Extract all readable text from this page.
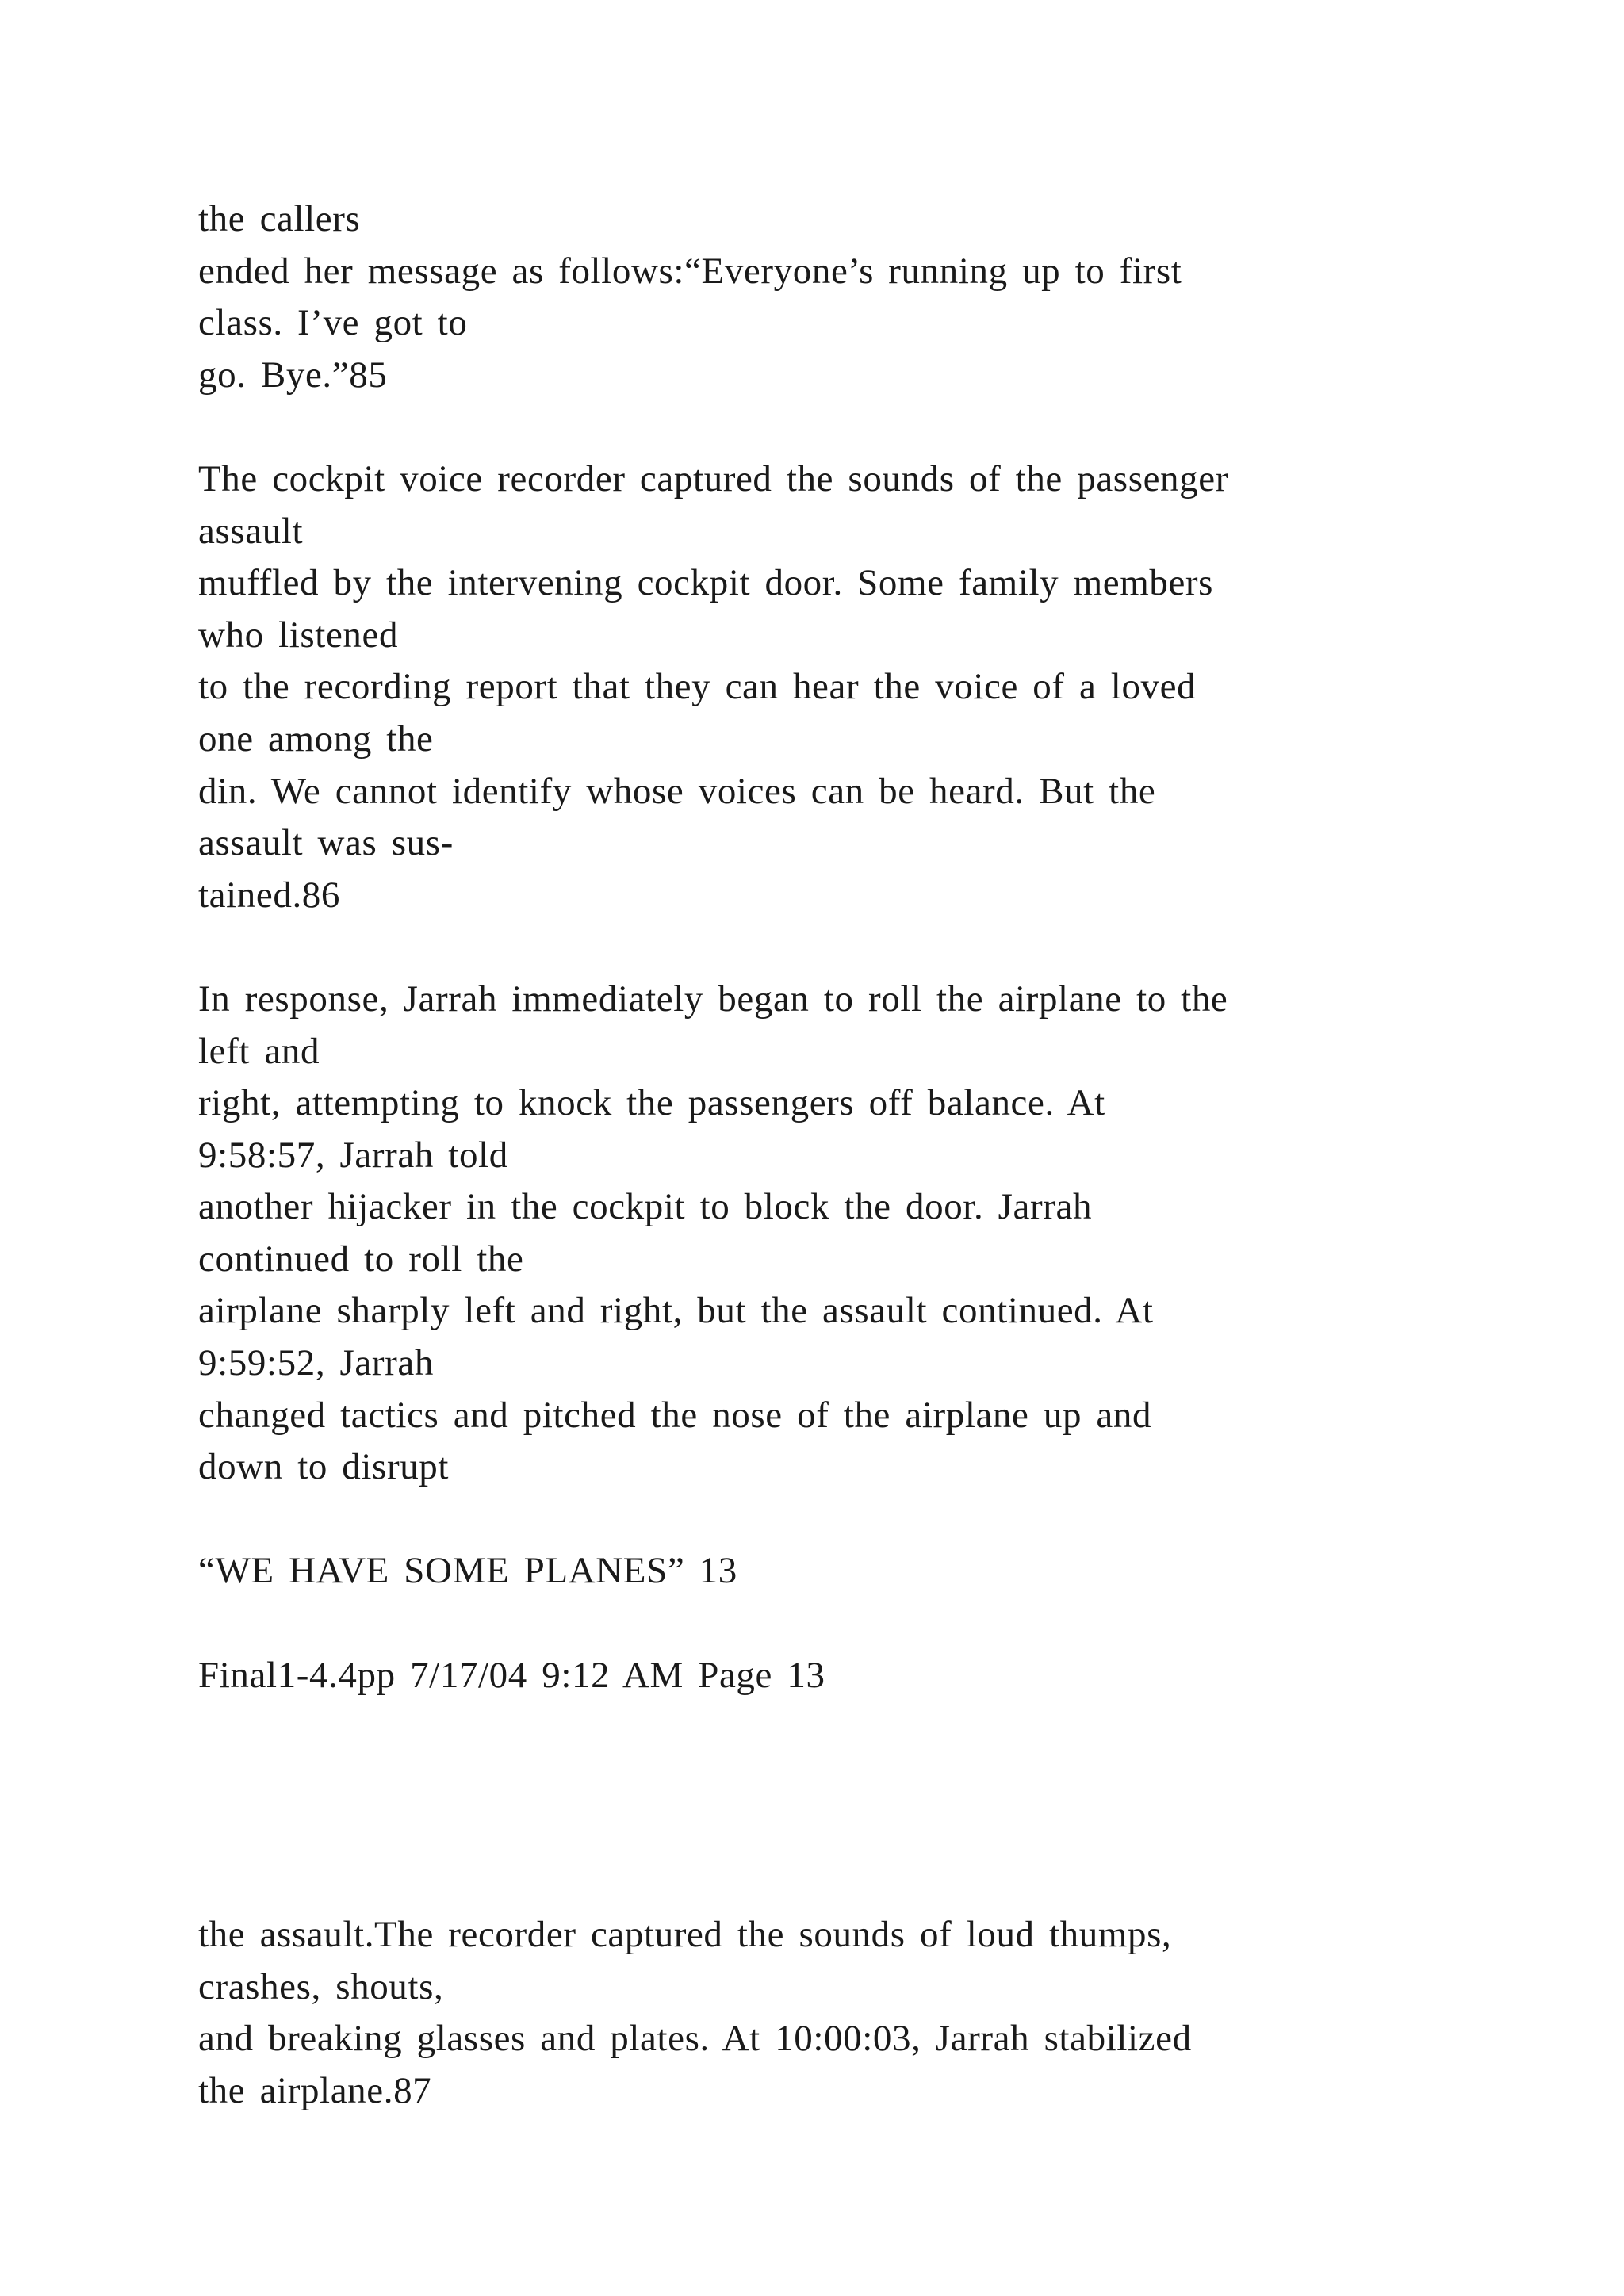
the callers
ended her message as follows:“Everyone’s running up to first
class. I’ve got to
go. Bye.”85
The cockpit voice recorder captured the sounds of the passenger
assault
muffled by the intervening cockpit door. Some family members
who listened
to the recording report that they can hear the voice of a loved
one among the
din. We cannot identify whose voices can be heard. But the
assault was sus-
tained.86
In response, Jarrah immediately began to roll the airplane to the
left and
right, attempting to knock the passengers off balance. At
9:58:57, Jarrah told
another hijacker in the cockpit to block the door. Jarrah
continued to roll the
airplane sharply left and right, but the assault continued. At
9:59:52, Jarrah
changed tactics and pitched the nose of the airplane up and
down to disrupt
“WE HAVE SOME PLANES” 13
Final1-4.4pp 7/17/04 9:12 AM Page 13
the assault.The recorder captured the sounds of loud thumps,
crashes, shouts,
and breaking glasses and plates. At 10:00:03, Jarrah stabilized
the airplane.87
